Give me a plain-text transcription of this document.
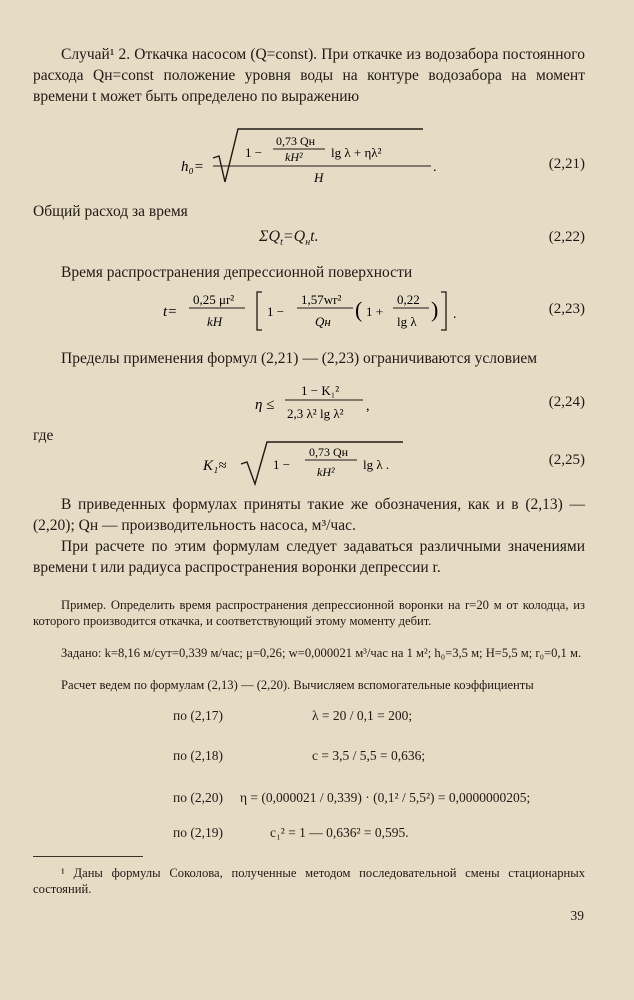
Случай¹ 2. Откачка насосом (Q=const). При откачке из водозабора постоянного расхода Qн=const положение уровня воды на контуре водозабора на момент времени t может быть определено по выражению

h₀=
1 −
0,73 Qн
kH² lg λ + ηλ²
H
.	(2,21)

Общий расход за время

$\Sigma Q_t=Q_нt$.	(2,22)

Время распространения депрессионной поверхности

t=
0,25 μr²
kH
1 −
1,57wr²
Qн ( 1 +
0,22
lg λ ) .	(2,23)

Пределы применения формул (2,21) — (2,23) ограничиваются условием

η ≤
1 − K₁²
2,3 λ² lg λ² ,	(2,24)

где

K₁≈	1 −
0,73 Qн
kH² lg λ .	(2,25)

В приведенных формулах приняты такие же обозначения, как и в (2,13) — (2,20); Qн — производительность насоса, м³/час.

При расчете по этим формулам следует задаваться различными значениями времени t или радиуса распространения воронки депрессии r.

Пример. Определить время распространения депрессионной воронки на r=20 м от колодца, из которого производится откачка, и соответствующий этому моменту дебит.

Задано: k=8,16 м/сут=0,339 м/час; μ=0,26; w=0,000021 м³/час на 1 м²; h₀=3,5 м; H=5,5 м; r₀=0,1 м.

Расчет ведем по формулам (2,13) — (2,20). Вычисляем вспомогательные коэффициенты

по (2,17)	λ = 20 / 0,1 = 200;
по (2,18)	c = 3,5 / 5,5 = 0,636;
по (2,20) η = (0,000021 / 0,339) · (0,1² / 5,5²) = 0,0000000205;
по (2,19)	c₁² = 1 — 0,636² = 0,595.

¹ Даны формулы Соколова, полученные методом последовательной смены стационарных состояний.

39
